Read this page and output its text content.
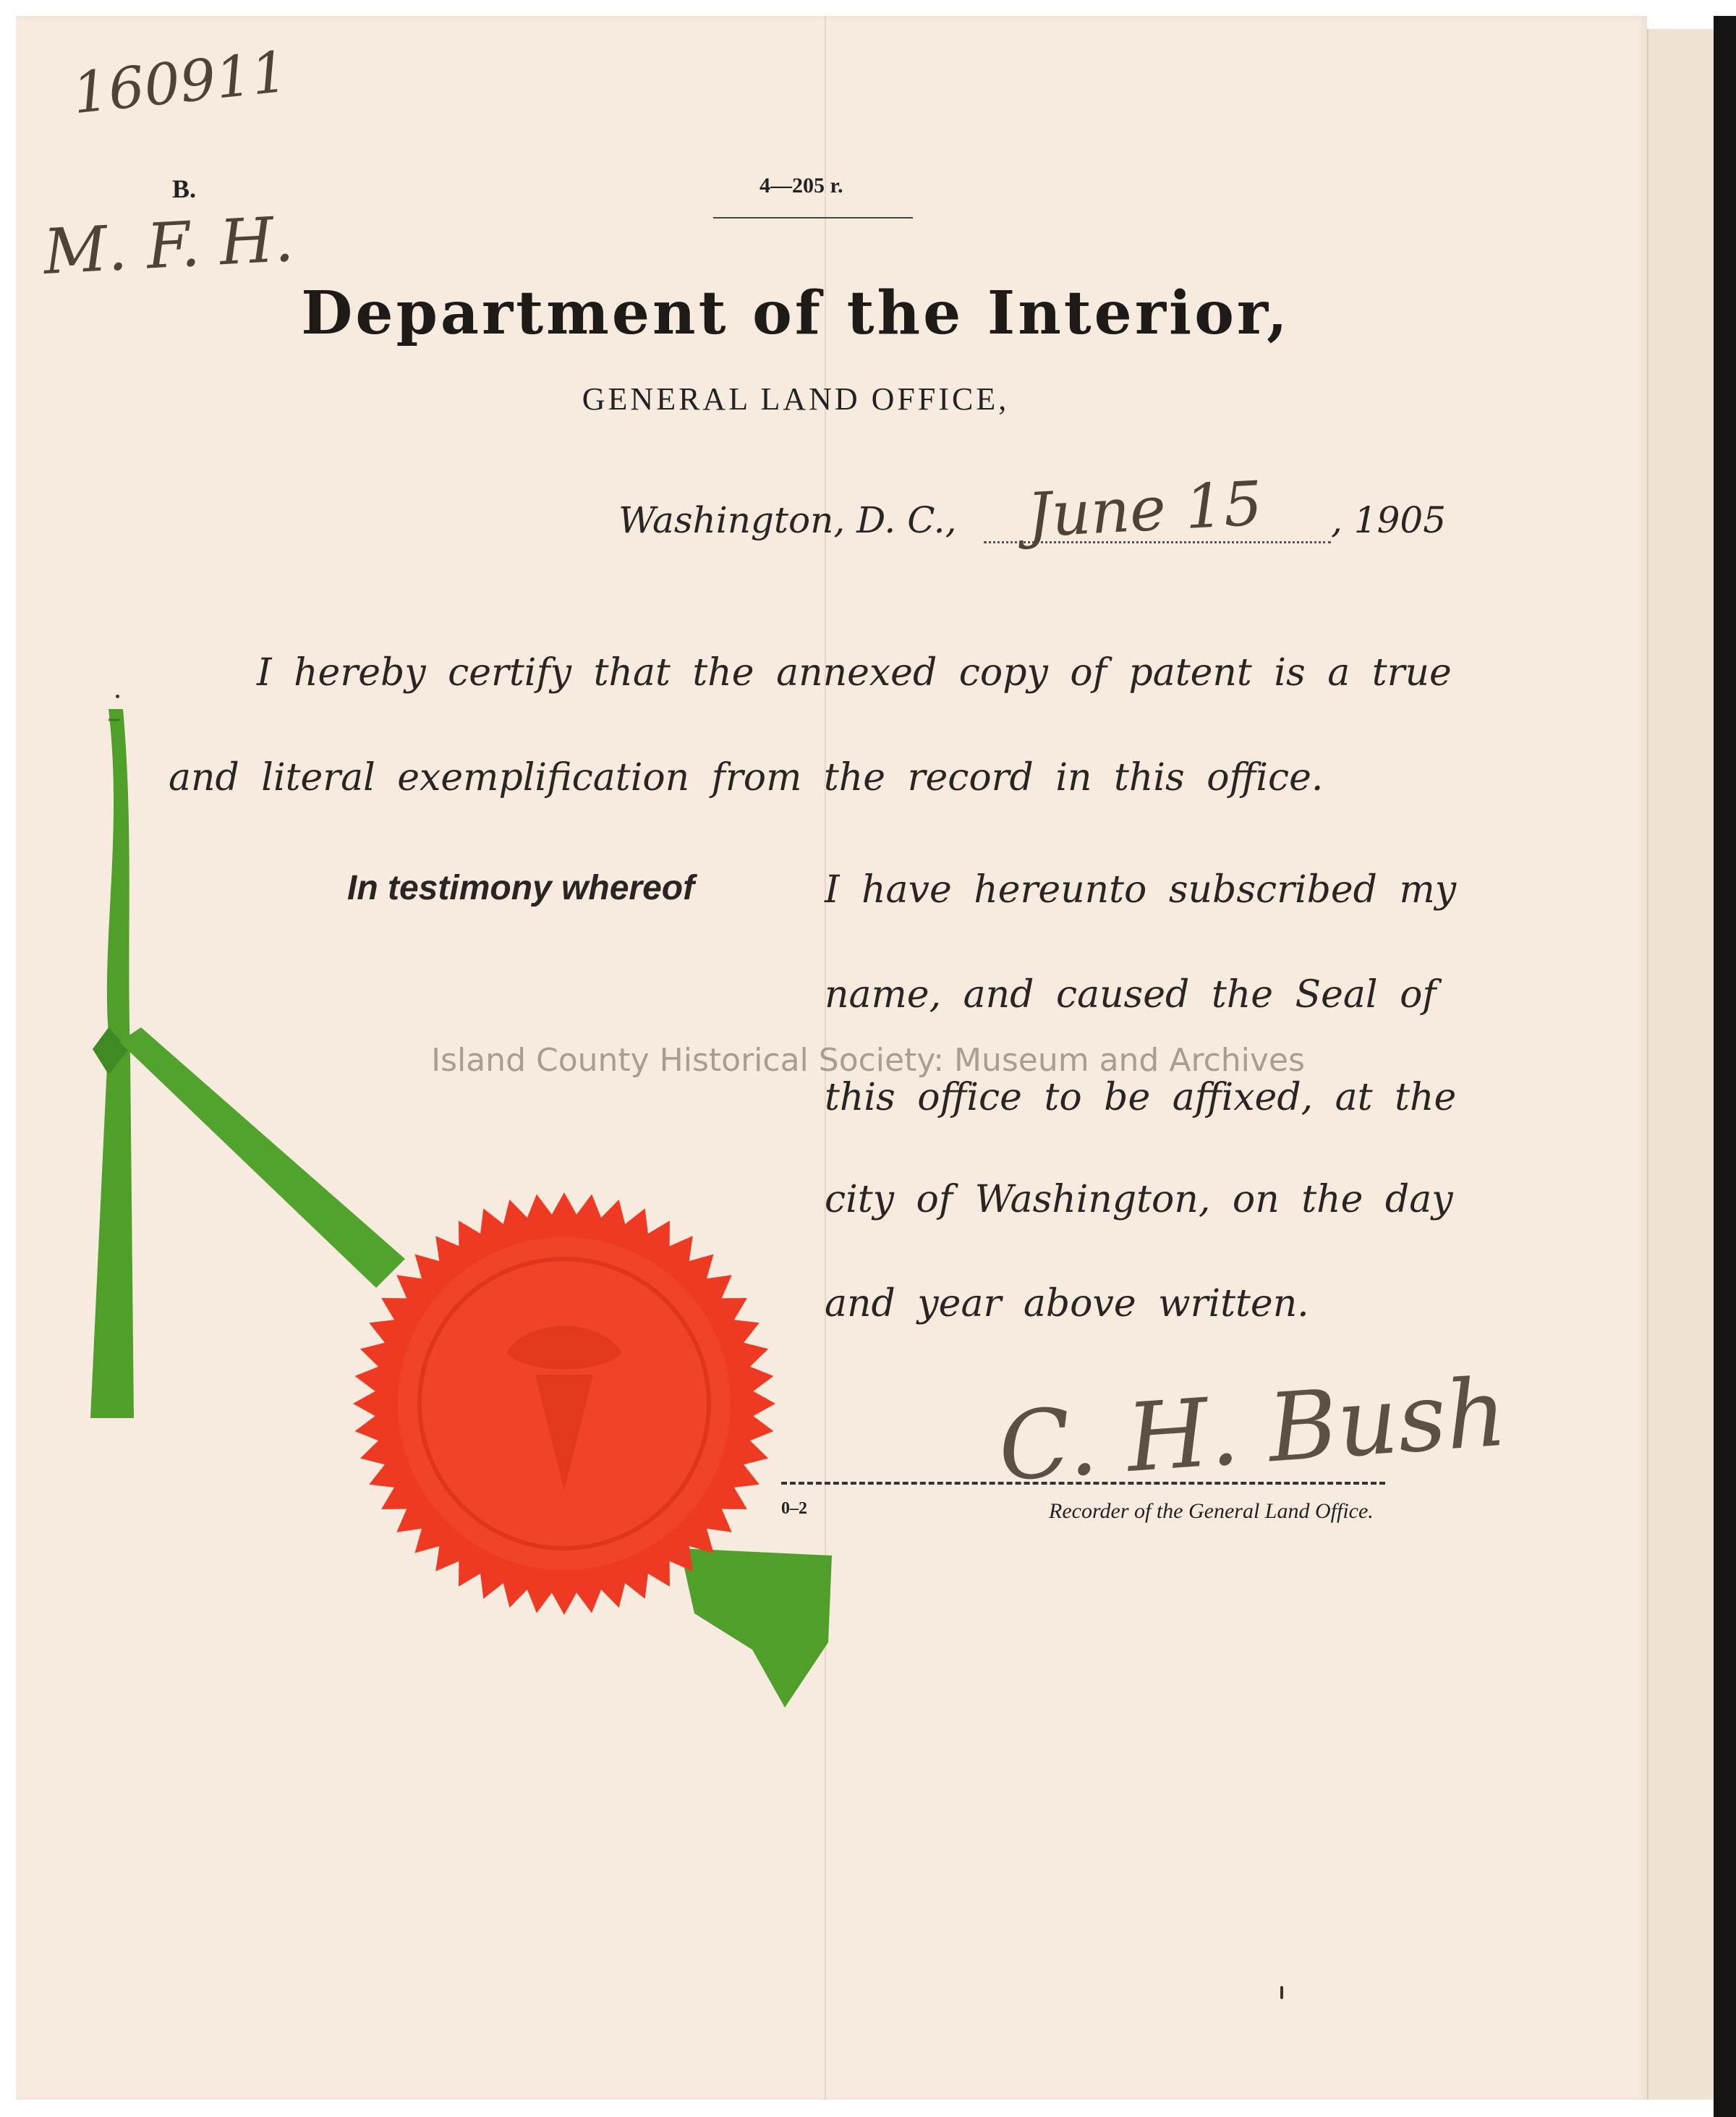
160911
M. F. H.
B.	4—205 r.
Department of the Interior,
GENERAL LAND OFFICE,
Washington, D. C., June 15 , 1905
I hereby certify that the annexed copy of patent is a true
and literal exemplification from the record in this office.
In testimony whereof	I have hereunto subscribed my
name, and caused the Seal of
this office to be affixed, at the
city of Washington, on the day
and year above written.
C. H. Bush
0–2	Recorder of the General Land Office.
Island County Historical Society: Museum and Archives
